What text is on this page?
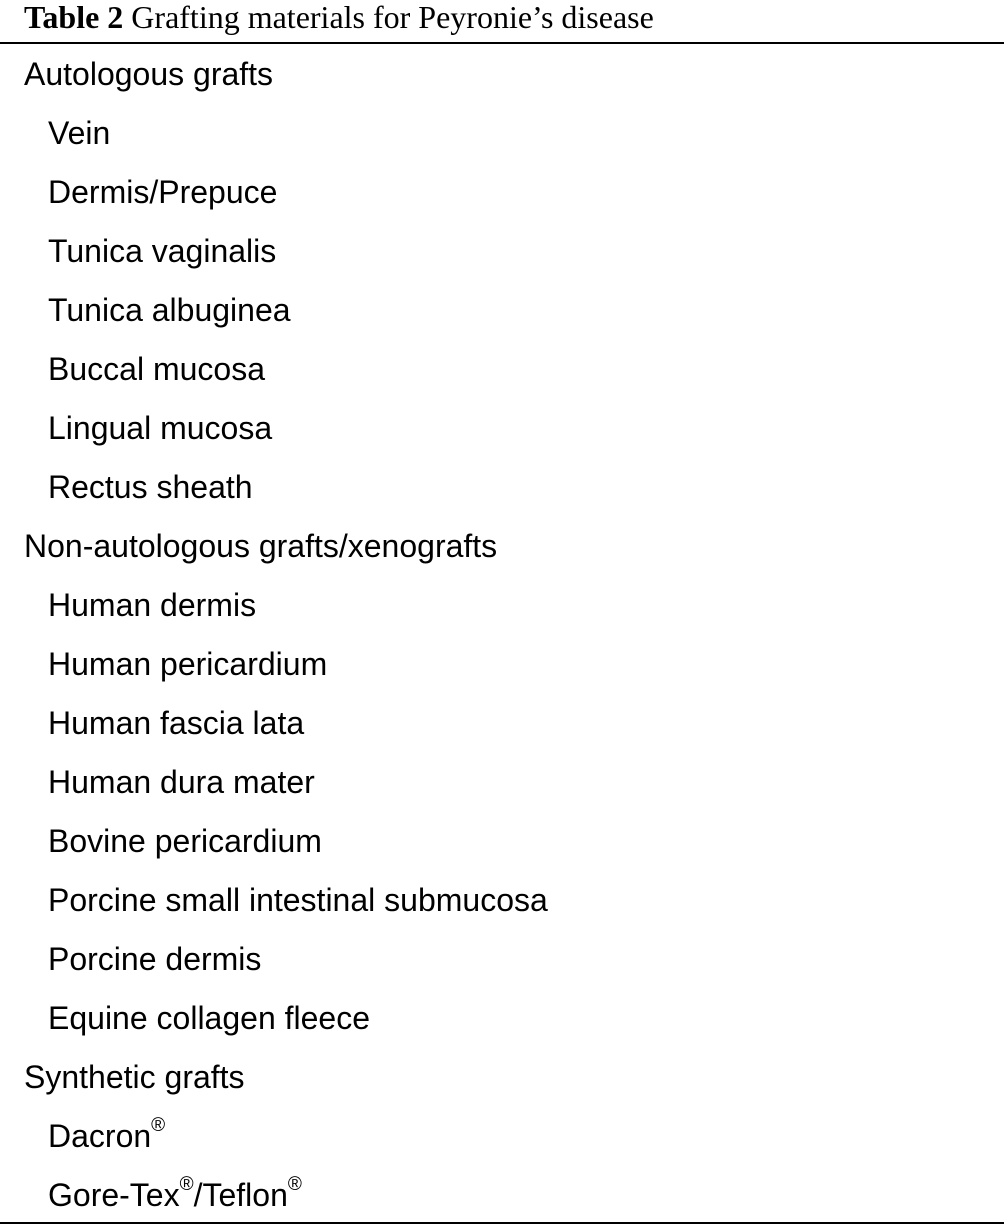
Table 2 Grafting materials for Peyronie’s disease
Autologous grafts
Vein
Dermis/Prepuce
Tunica vaginalis
Tunica albuginea
Buccal mucosa
Lingual mucosa
Rectus sheath
Non-autologous grafts/xenografts
Human dermis
Human pericardium
Human fascia lata
Human dura mater
Bovine pericardium
Porcine small intestinal submucosa
Porcine dermis
Equine collagen fleece
Synthetic grafts
Dacron®
Gore-Tex®/Teflon®
